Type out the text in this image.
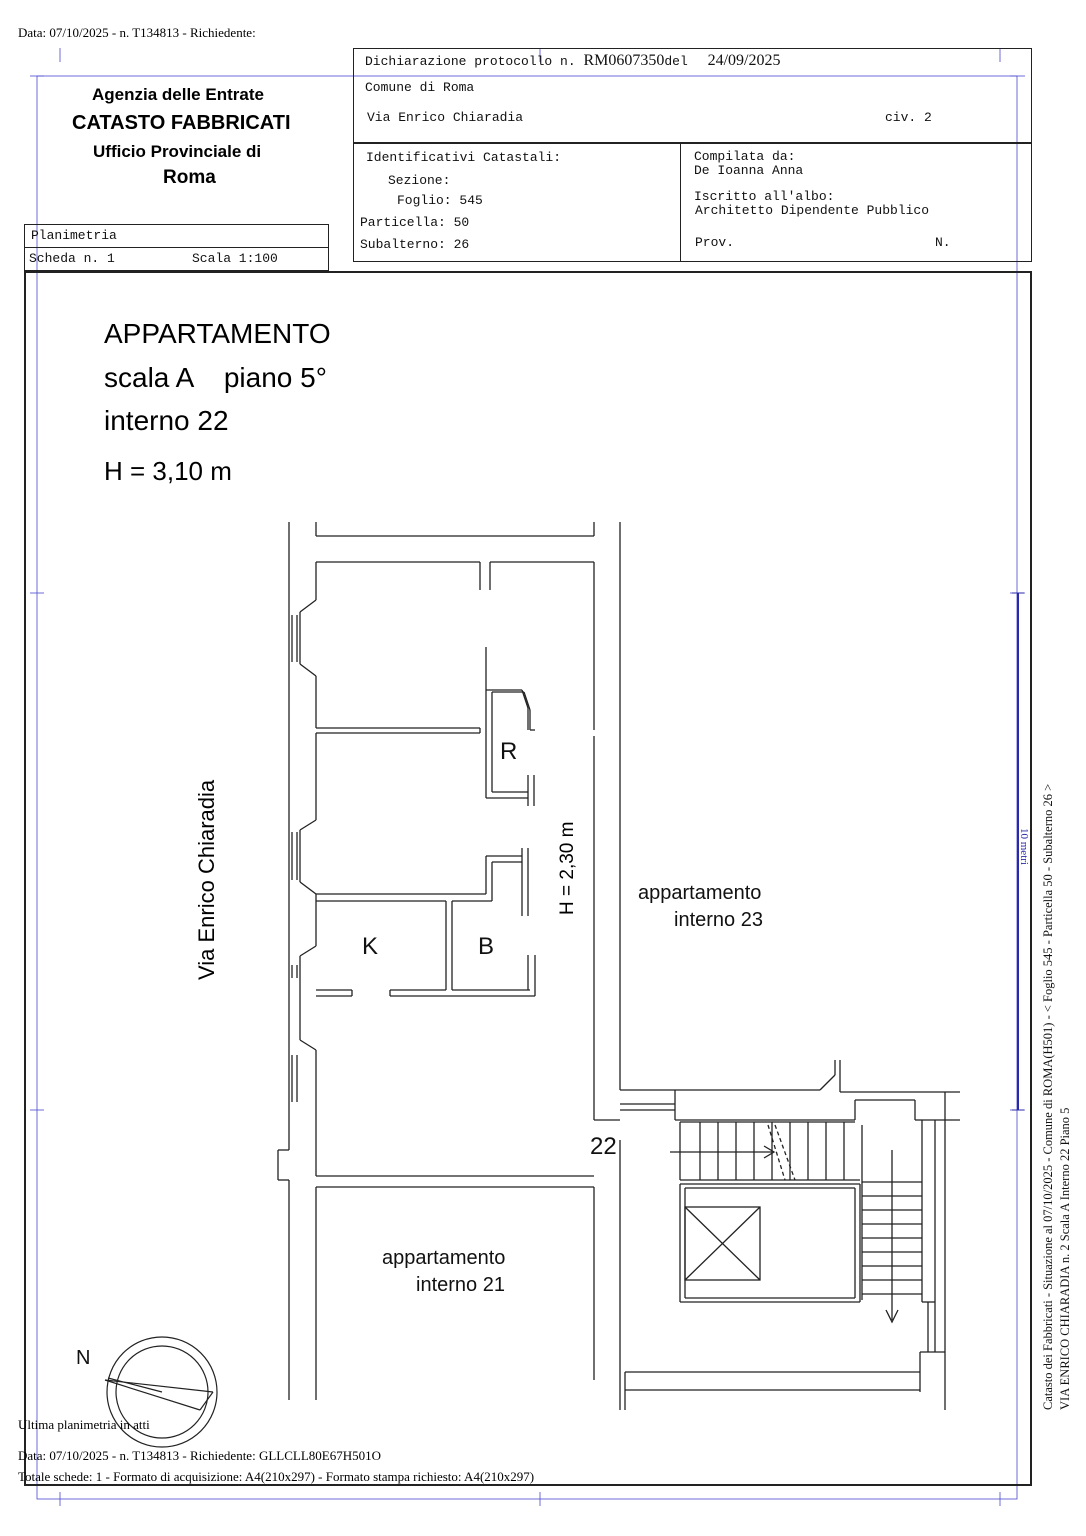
Data: 07/10/2025 - n. T134813 - Richiedente:
10 metri
Agenzia delle Entrate
CATASTO FABBRICATI
Ufficio Provinciale di
Roma
Dichiarazione protocollo n. RM0607350del 24/09/2025
Comune di Roma
Via Enrico Chiaradia	civ. 2
Identificativi Catastali:
Sezione:
Foglio: 545
Particella: 50
Subalterno: 26
Compilata da:
De Ioanna Anna
Iscritto all'albo:
Architetto Dipendente Pubblico
Prov.	N.
Planimetria
Scheda n. 1	Scala 1:100
APPARTAMENTO
scala A    piano 5°
interno 22
H = 3,10 m
Via Enrico Chiaradia
R
K	B
H = 2,30 m	appartamento
interno 23
22
appartamento
interno 21
N
Ultima planimetria in atti
Data: 07/10/2025 - n. T134813 - Richiedente: GLLCLL80E67H501O
Totale schede: 1 - Formato di acquisizione: A4(210x297) - Formato stampa richiesto: A4(210x297)
Catasto dei Fabbricati - Situazione al 07/10/2025 - Comune di ROMA(H501) - < Foglio 545 - Particella 50 - Subalterno 26 > VIA ENRICO CHIARADIA n. 2 Scala A Interno 22 Piano 5
